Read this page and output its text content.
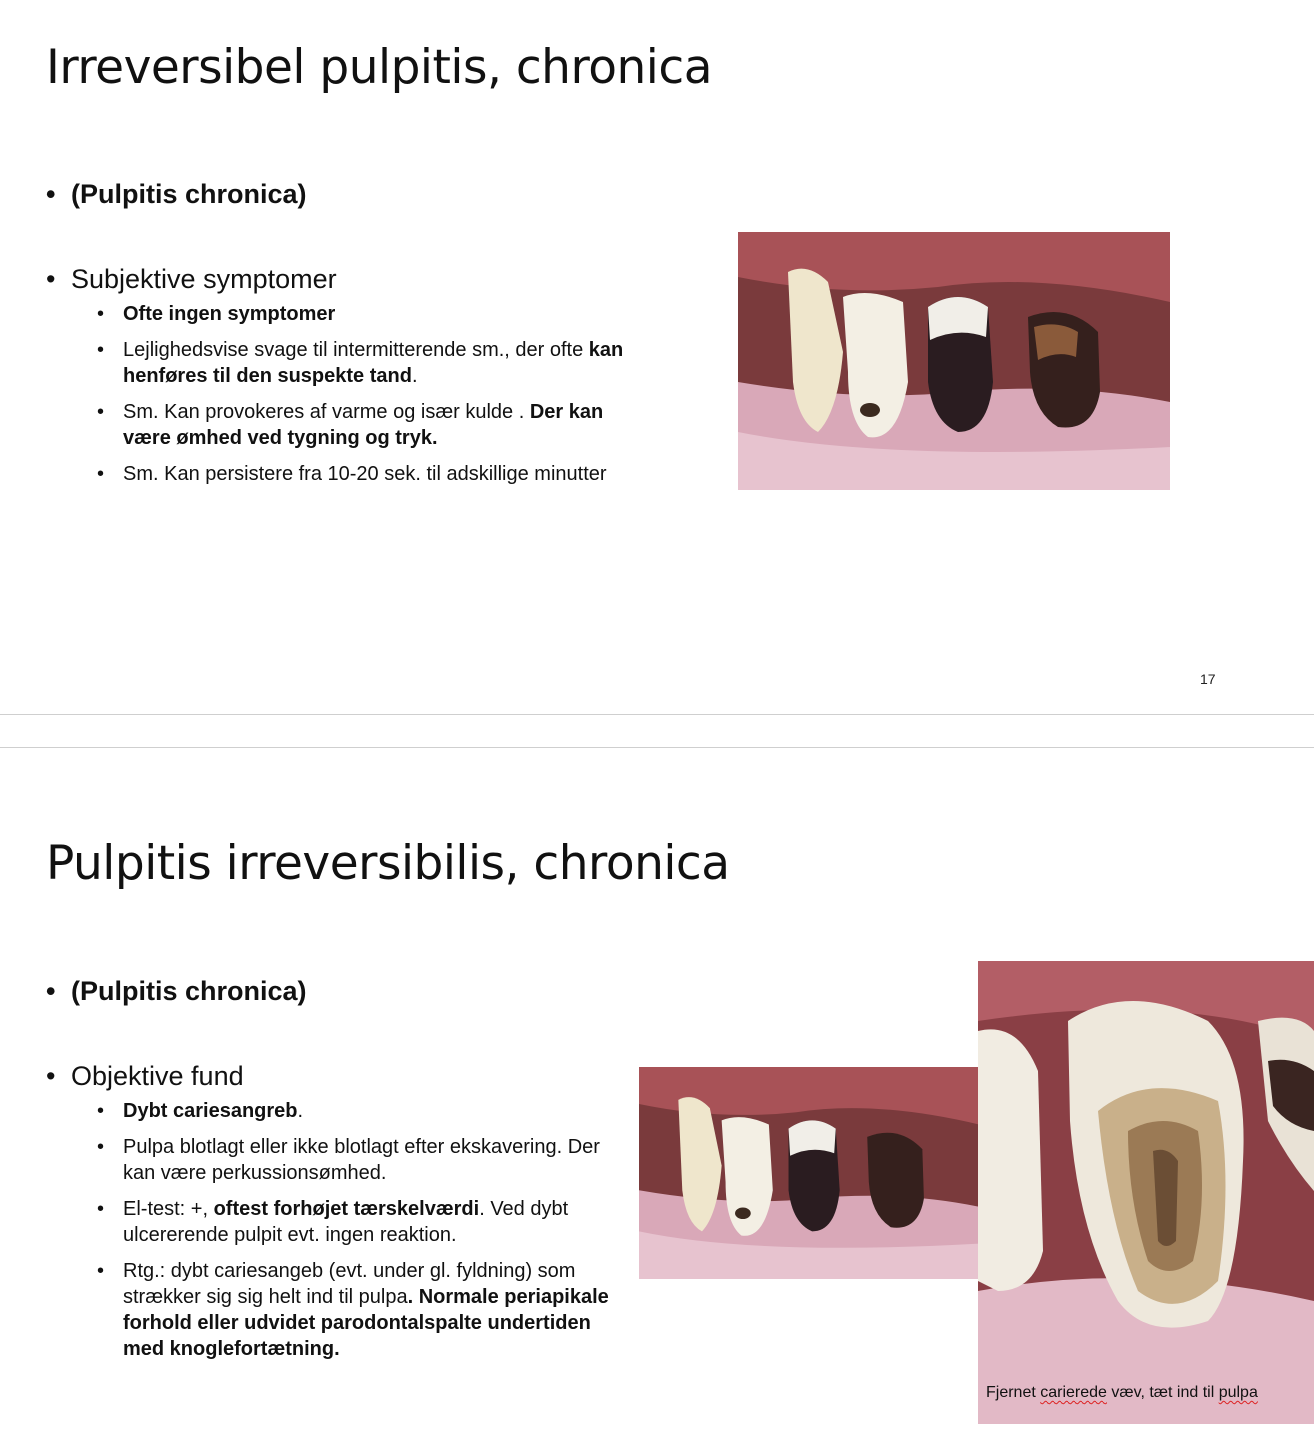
Irreversibel pulpitis, chronica
• (Pulpitis chronica)
• Subjektive symptomer
• Ofte ingen symptomer
• Lejlighedsvise svage til intermitterende sm., der ofte kan henføres til den suspekte tand.
• Sm. Kan provokeres af varme og især kulde . Der kan være ømhed ved tygning og tryk.
• Sm. Kan persistere fra 10-20 sek. til adskillige minutter
17
Pulpitis irreversibilis, chronica
• (Pulpitis chronica)
• Objektive fund
• Dybt cariesangreb.
• Pulpa blotlagt eller ikke blotlagt efter ekskavering. Der kan være perkussionsømhed.
• El-test: +, oftest forhøjet tærskelværdi. Ved dybt ulcererende pulpit evt. ingen reaktion.
• Rtg.: dybt cariesangeb (evt. under gl. fyldning) som strækker sig sig helt ind til pulpa. Normale periapikale forhold eller udvidet parodontalspalte undertiden med knoglefortætning.
Fjernet carierede væv, tæt ind til pulpa
